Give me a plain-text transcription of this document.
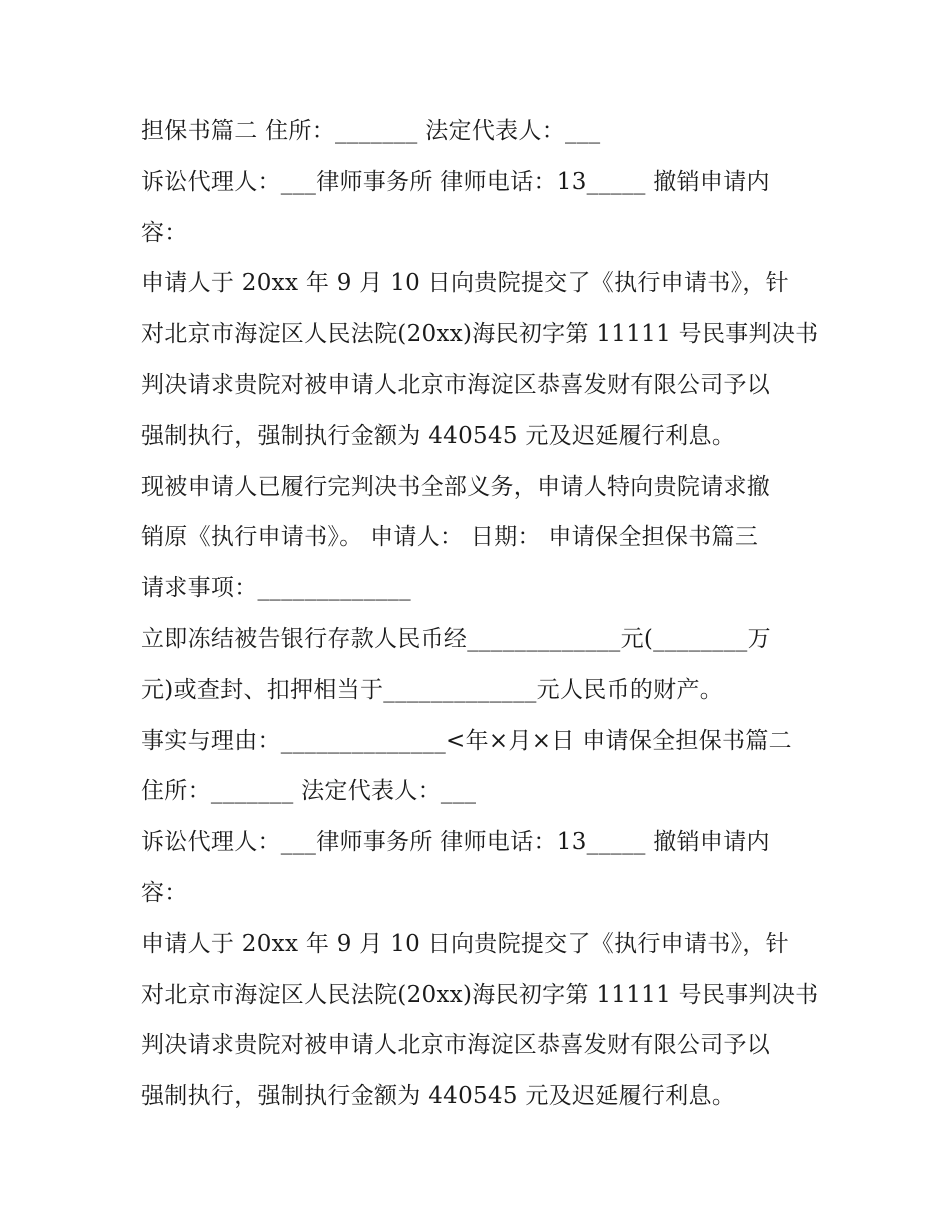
担保书篇二 住所：_______ 法定代表人：___
诉讼代理人：___律师事务所 律师电话：13_____ 撤销申请内
容：
申请人于 20xx 年 9 月 10 日向贵院提交了《执行申请书》，针
对北京市海淀区人民法院(20xx)海民初字第 11111 号民事判决书
判决请求贵院对被申请人北京市海淀区恭喜发财有限公司予以
强制执行，强制执行金额为 440545 元及迟延履行利息。
现被申请人已履行完判决书全部义务，申请人特向贵院请求撤
销原《执行申请书》。 申请人： 日期： 申请保全担保书篇三
请求事项：_____________
立即冻结被告银行存款人民币经_____________元(________万
元)或查封、扣押相当于_____________元人民币的财产。
事实与理由：______________<年×月×日 申请保全担保书篇二
住所：_______ 法定代表人：___
诉讼代理人：___律师事务所 律师电话：13_____ 撤销申请内
容：
申请人于 20xx 年 9 月 10 日向贵院提交了《执行申请书》，针
对北京市海淀区人民法院(20xx)海民初字第 11111 号民事判决书
判决请求贵院对被申请人北京市海淀区恭喜发财有限公司予以
强制执行，强制执行金额为 440545 元及迟延履行利息。
